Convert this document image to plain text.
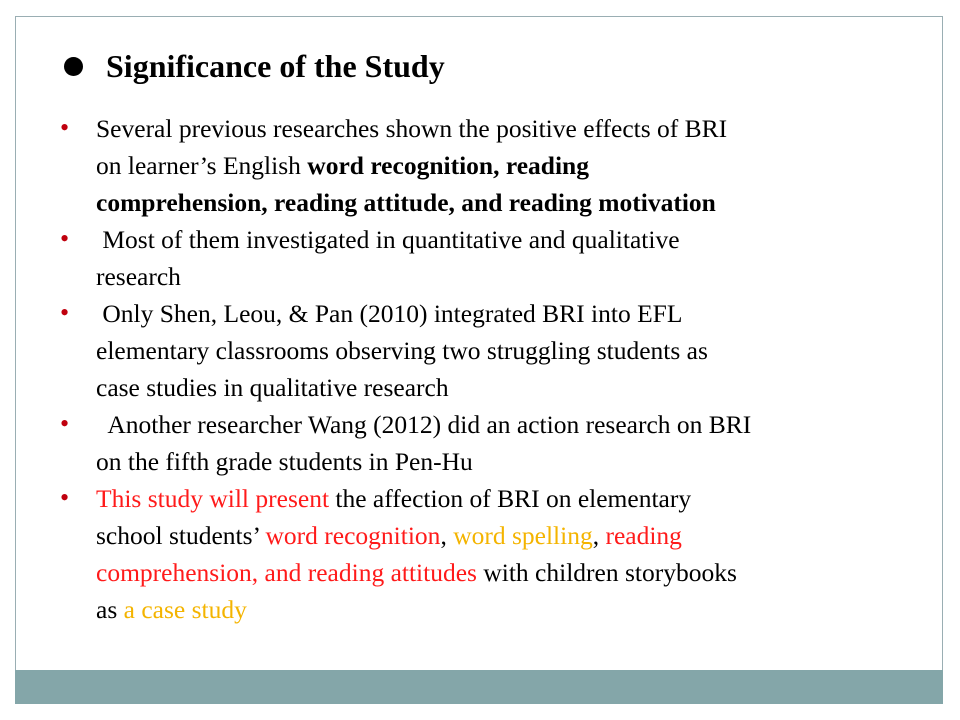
Significance of the Study
•	Several previous researches shown the positive effects of BRI
on learner’s English word recognition, reading
comprehension, reading attitude, and reading motivation
•	Most of them investigated in quantitative and qualitative
research
•	Only Shen, Leou, & Pan (2010) integrated BRI into EFL
elementary classrooms observing two struggling students as
case studies in qualitative research
•	Another researcher Wang (2012) did an action research on BRI
on the fifth grade students in Pen-Hu
•	This study will present the affection of BRI on elementary
school students’ word recognition, word spelling, reading
comprehension, and reading attitudes with children storybooks
as a case study
